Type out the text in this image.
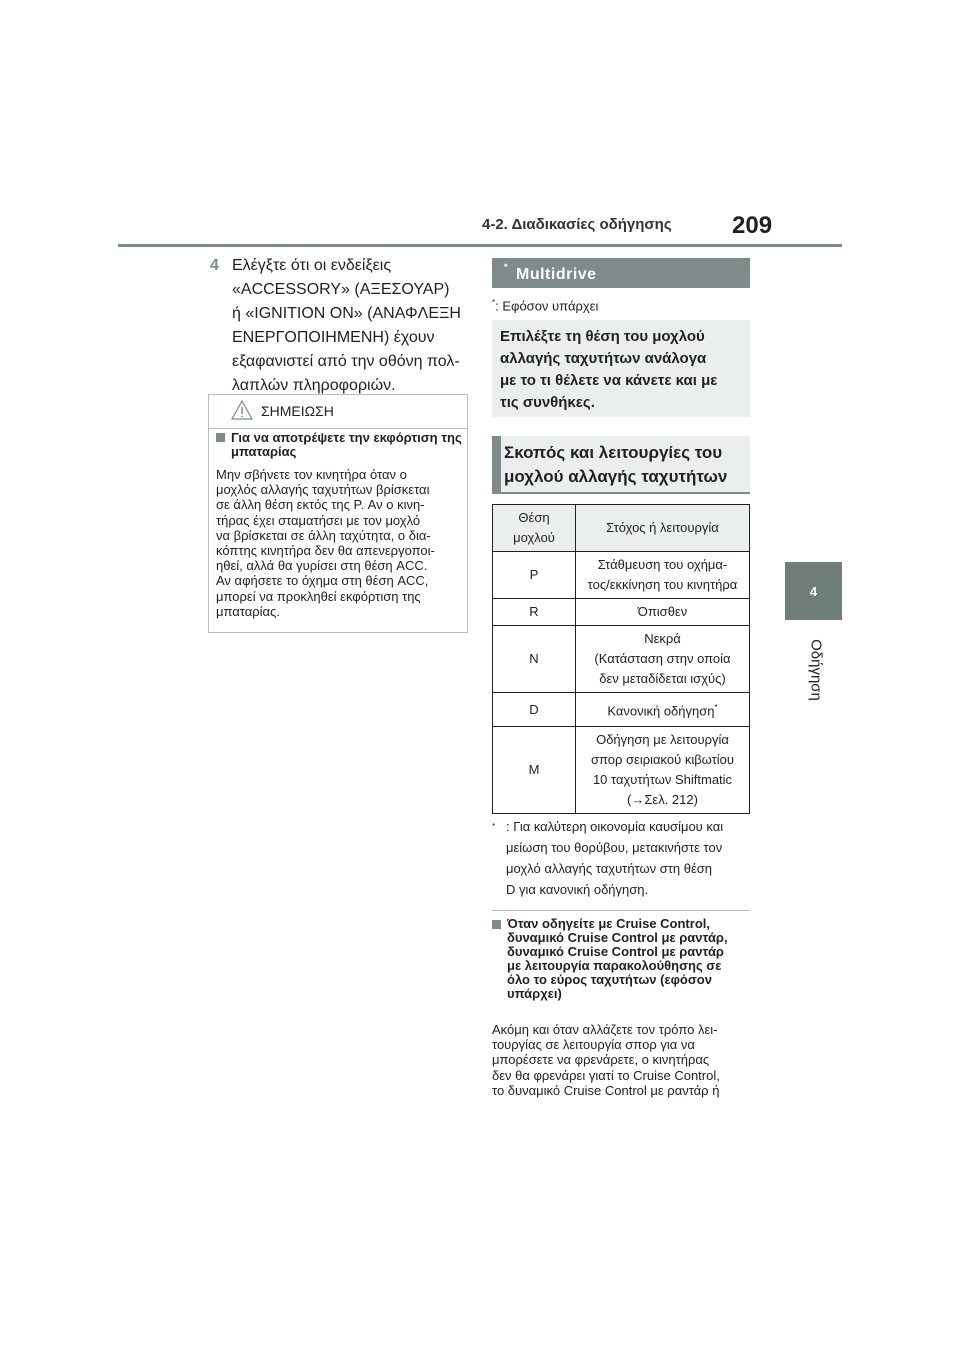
4-2. Διαδικασίες οδήγησης	209
4
Οδήγηση
4 Ελέγξτε ότι οι ενδείξεις
«ACCESSORY» (ΑΞΕΣΟΥΑΡ)
ή «IGNITION ON» (ΑΝΑΦΛΕΞΗ
ΕΝΕΡΓΟΠΟΙΗΜΕΝΗ) έχουν
εξαφανιστεί από την οθόνη πολ-
λαπλών πληροφοριών.
ΣΗΜΕΙΩΣΗ
Για να αποτρέψετε την εκφόρτιση της μπαταρίας
Μην σβήνετε τον κινητήρα όταν ο
μοχλός αλλαγής ταχυτήτων βρίσκεται
σε άλλη θέση εκτός της P. Αν ο κινη-
τήρας έχει σταματήσει με τον μοχλό
να βρίσκεται σε άλλη ταχύτητα, ο δια-
κόπτης κινητήρα δεν θα απενεργοποι-
ηθεί, αλλά θα γυρίσει στη θέση ACC.
Αν αφήσετε το όχημα στη θέση ACC,
μπορεί να προκληθεί εκφόρτιση της
μπαταρίας.
Multidrive
*
*: Εφόσον υπάρχει
Επιλέξτε τη θέση του μοχλού
αλλαγής ταχυτήτων ανάλογα
με το τι θέλετε να κάνετε και με
τις συνθήκες.
Σκοπός και λειτουργίες του
μοχλού αλλαγής ταχυτήτων
Θέση
μοχλού	Στόχος ή λειτουργία
P	Στάθμευση του οχήμα-
τος/εκκίνηση του κινητήρα
R	Όπισθεν
N	Νεκρά
(Κατάσταση στην οποία
δεν μεταδίδεται ισχύς)
D	Κανονική οδήγηση*
M	Οδήγηση με λειτουργία
σπορ σειριακού κιβωτίου
10 ταχυτήτων Shiftmatic
(→Σελ. 212)
* : Για καλύτερη οικονομία καυσίμου και
μείωση του θορύβου, μετακινήστε τον
μοχλό αλλαγής ταχυτήτων στη θέση
D για κανονική οδήγηση.
Όταν οδηγείτε με Cruise Control,
δυναμικό Cruise Control με ραντάρ,
δυναμικό Cruise Control με ραντάρ
με λειτουργία παρακολούθησης σε
όλο το εύρος ταχυτήτων (εφόσον
υπάρχει)
Ακόμη και όταν αλλάζετε τον τρόπο λει-
τουργίας σε λειτουργία σπορ για να
μπορέσετε να φρενάρετε, ο κινητήρας
δεν θα φρενάρει γιατί το Cruise Control,
το δυναμικό Cruise Control με ραντάρ ή
